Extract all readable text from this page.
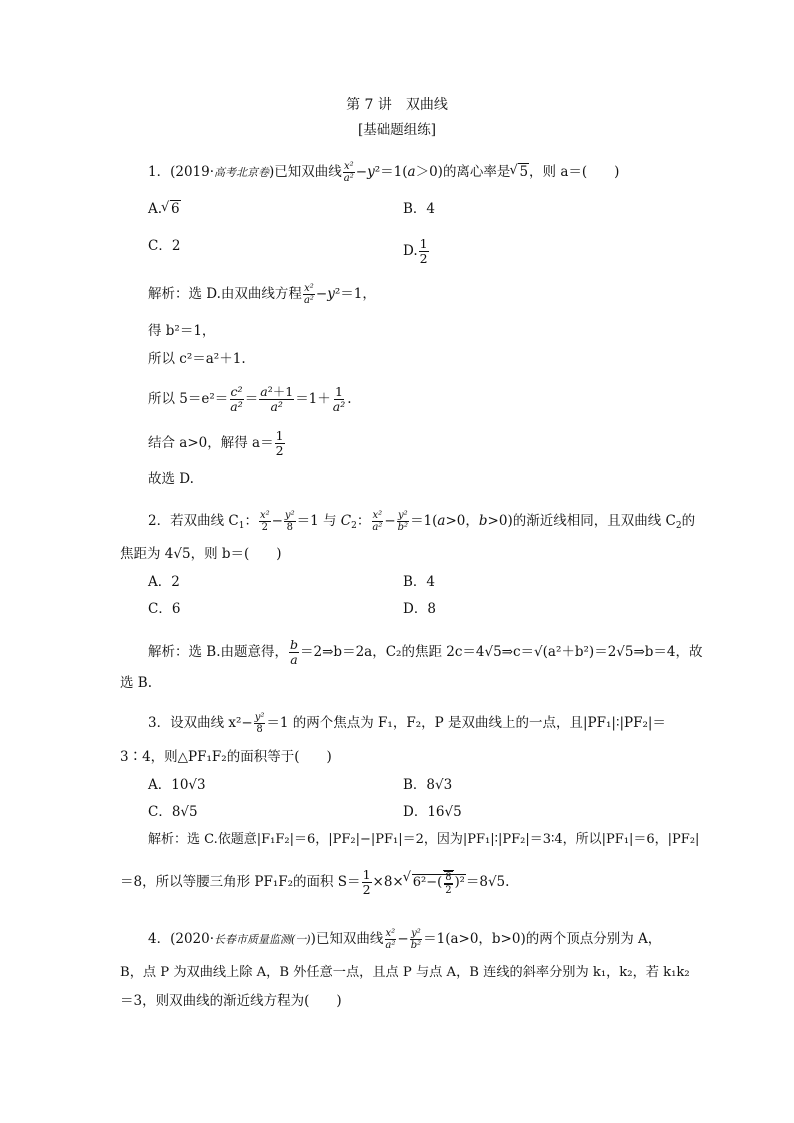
第 7 讲　双曲线
[基础题组练]
1．(2019·高考北京卷)已知双曲线 $\frac{\text{x²}}{\text{a²}} -y^2=1(a>0)$的离心率是√ 5，则 a＝(　　)
A.√ 6	B．4
C．2	D. $\frac{1}{2}$
解析：选 D.由双曲线方程 $\frac{\text{x²}}{\text{a²}} -y^2=1$，
得 b²＝1，
所以 c²＝a²＋1.
所以 $5=e^2= \frac{\text{c²}}{\text{a²}} = \frac{\text{a²＋1}}{\text{a²}} =1+ \frac{1}{\text{a²}}$ .
结合 a>0，解得 $a= \frac{1}{2}$
故选 D.
2．若双曲线 $C_1$： $\frac{\text{x²}}{2} - \frac{\text{y²}}{8} =1$ 与 $C_2$： $\frac{\text{x²}}{\text{a²}} - \frac{\text{y²}}{\text{b²}} =1(a>0$，b>0)的渐近线相同，且双曲线 $C_2$的
焦距为 4√5，则 b＝(　　)
A．2	B．4
C．6	D．8
解析：选 B.由题意得， $\frac{b}{a}$ ＝2⇒b＝2a，C₂的焦距 2c＝4√5⇒c＝√(a²＋b²)＝2√5⇒b＝4，故
选 B.
3．设双曲线 $x^2- \frac{\text{y²}}{8} =1$ 的两个焦点为 F₁，F₂，P 是双曲线上的一点，且|PF₁|∶|PF₂|＝
3∶4，则△PF₁F₂的面积等于(　　)
A．10√3	B．8√3
C．8√5	D．16√5
解析：选 C.依题意|F₁F₂|＝6，|PF₂|−|PF₁|＝2，因为|PF₁|∶|PF₂|＝3∶4，所以|PF₁|＝6，|PF₂|
＝8，所以等腰三角形 PF₁F₂的面积 $S= \frac{1}{2} \times 8\times√$ $6^2-( \frac{8}{2} )^2=8√5$.
4．(2020·长春市质量监测(一))已知双曲线 $\frac{\text{x²}}{\text{a²}} - \frac{\text{y²}}{\text{b²}} =1(a>0$，b>0)的两个顶点分别为 A，
B，点 P 为双曲线上除 A，B 外任意一点，且点 P 与点 A，B 连线的斜率分别为 k₁，k₂，若 k₁k₂
＝3，则双曲线的渐近线方程为(　　)
